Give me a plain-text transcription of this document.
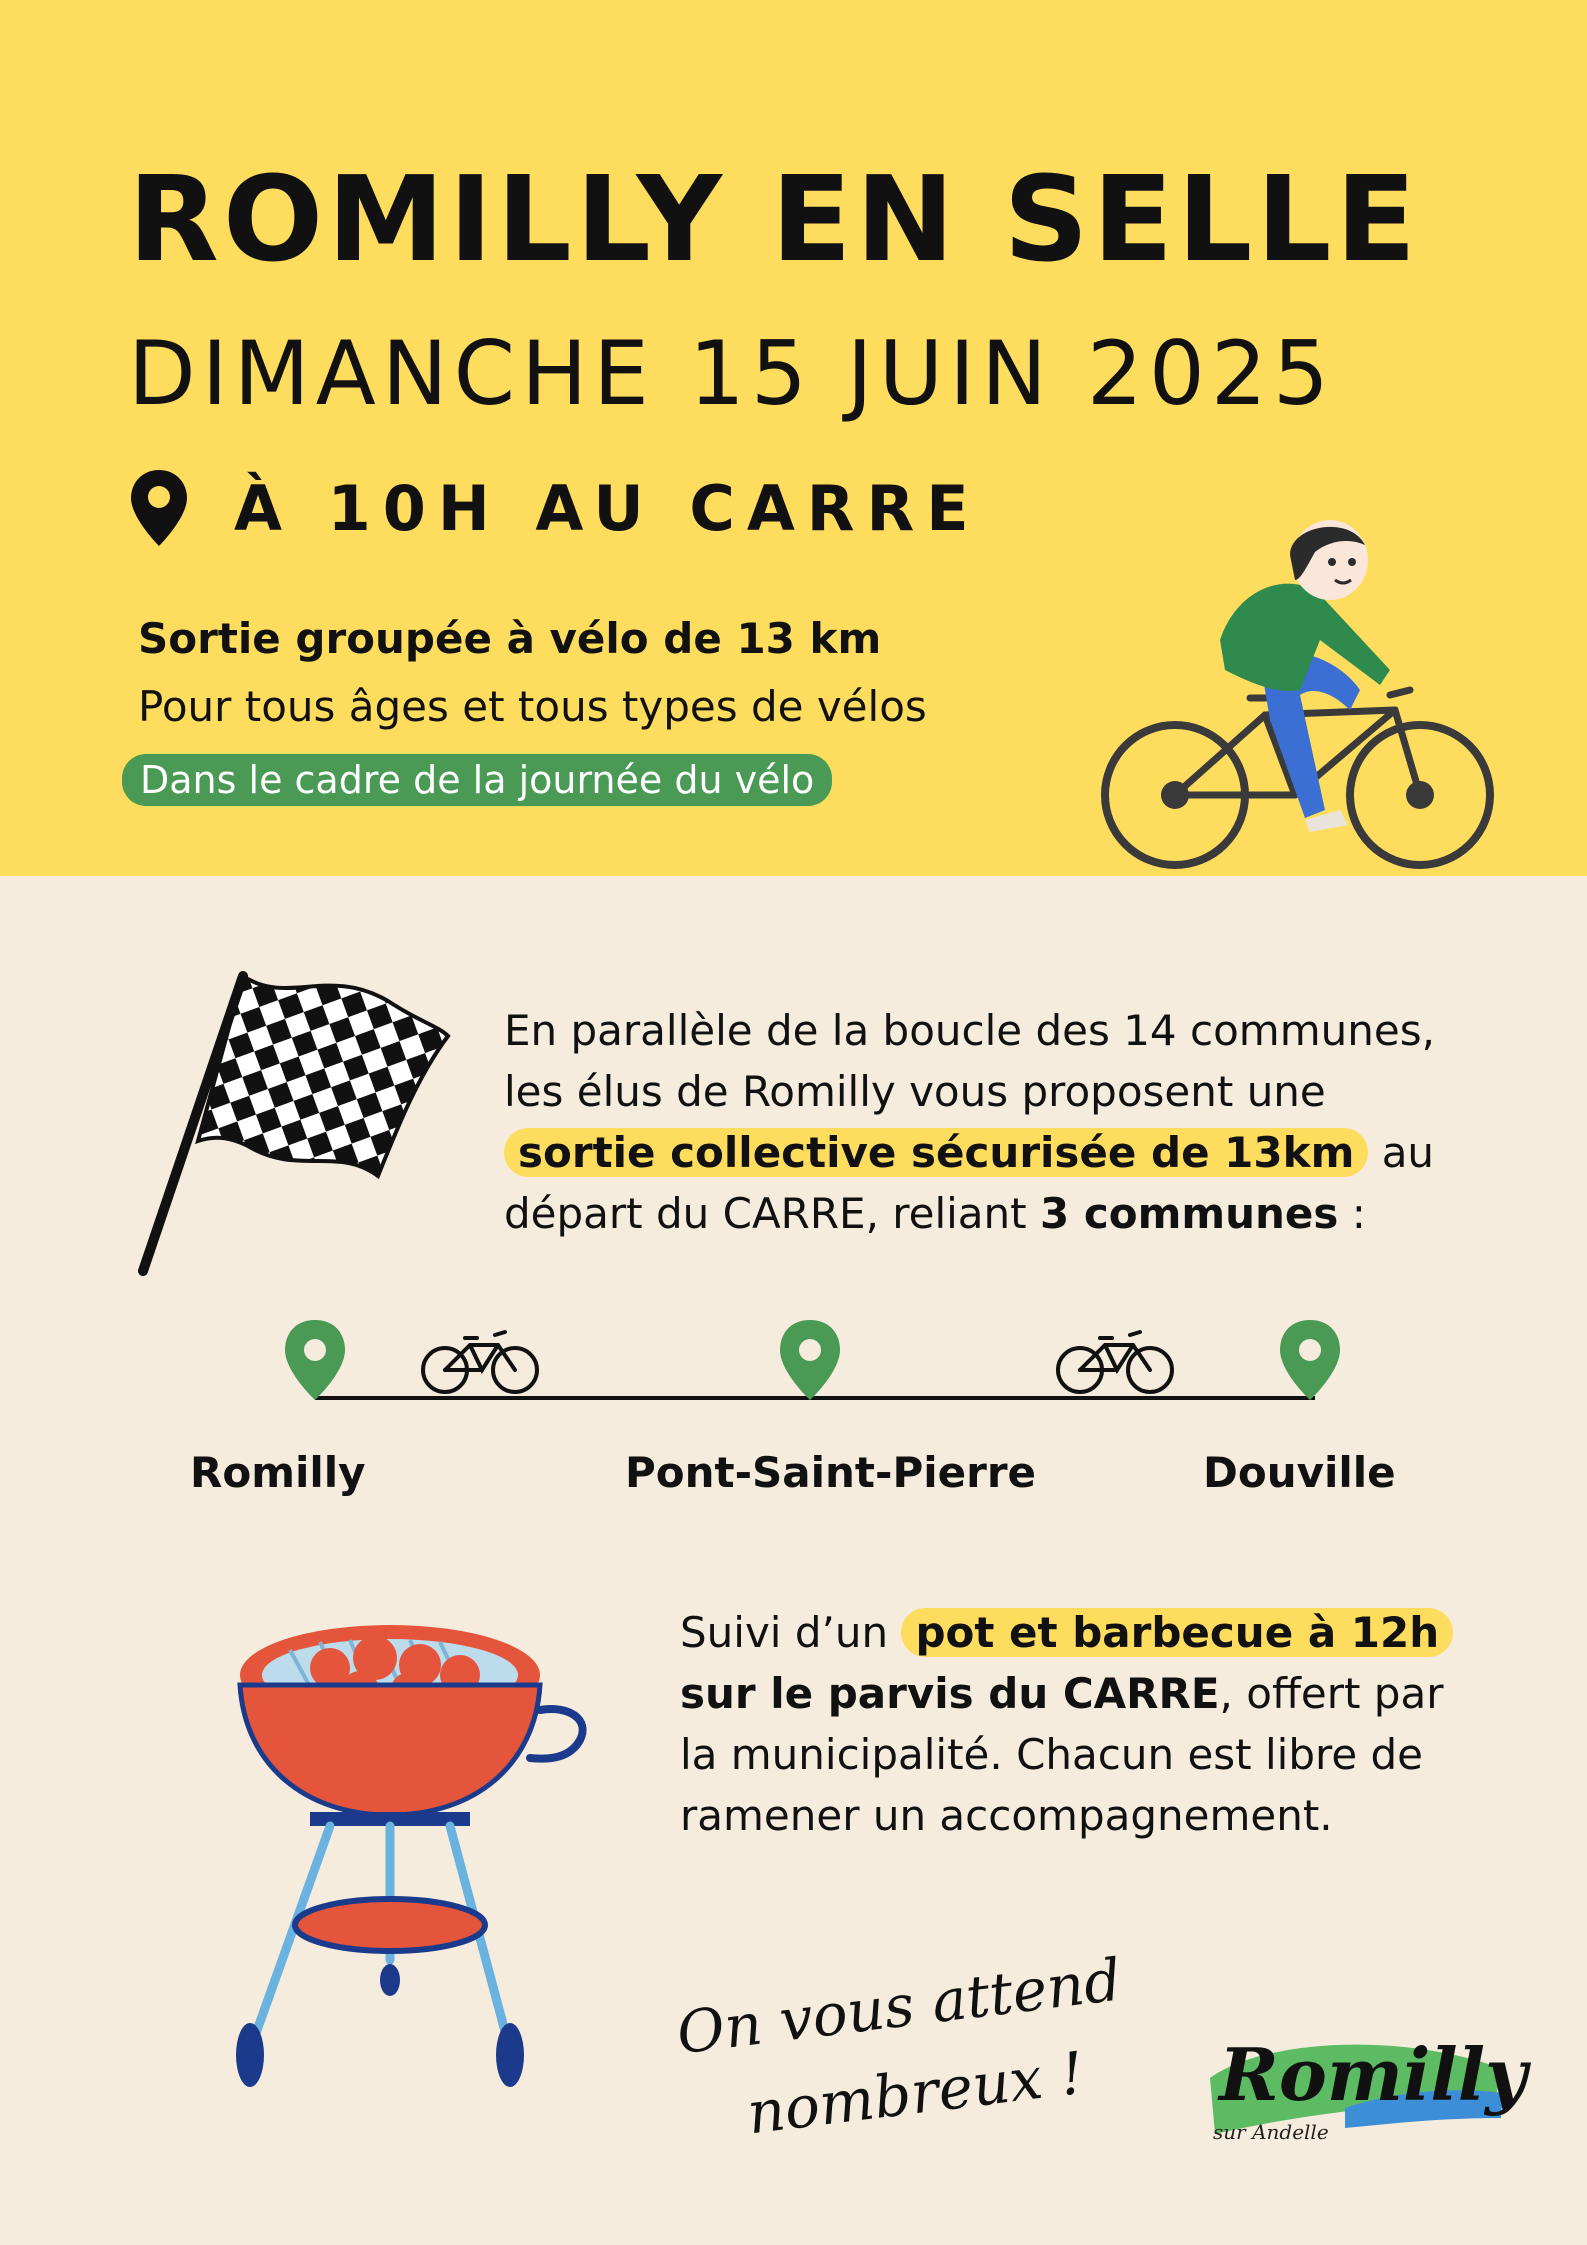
ROMILLY EN SELLE
DIMANCHE 15 JUIN 2025
À 10H AU CARRE
Sortie groupée à vélo de 13 km
Pour tous âges et tous types de vélos
Dans le cadre de la journée du vélo
En parallèle de la boucle des 14 communes,
les élus de Romilly vous proposent une
sortie collective sécurisée de 13km au
départ du CARRE, reliant 3 communes :
Romilly	Pont-Saint-Pierre	Douville
Suivi d’un pot et barbecue à 12h
sur le parvis du CARRE, offert par
la municipalité. Chacun est libre de
ramener un accompagnement.
On vous attend
nombreux !	Romilly
sur Andelle
